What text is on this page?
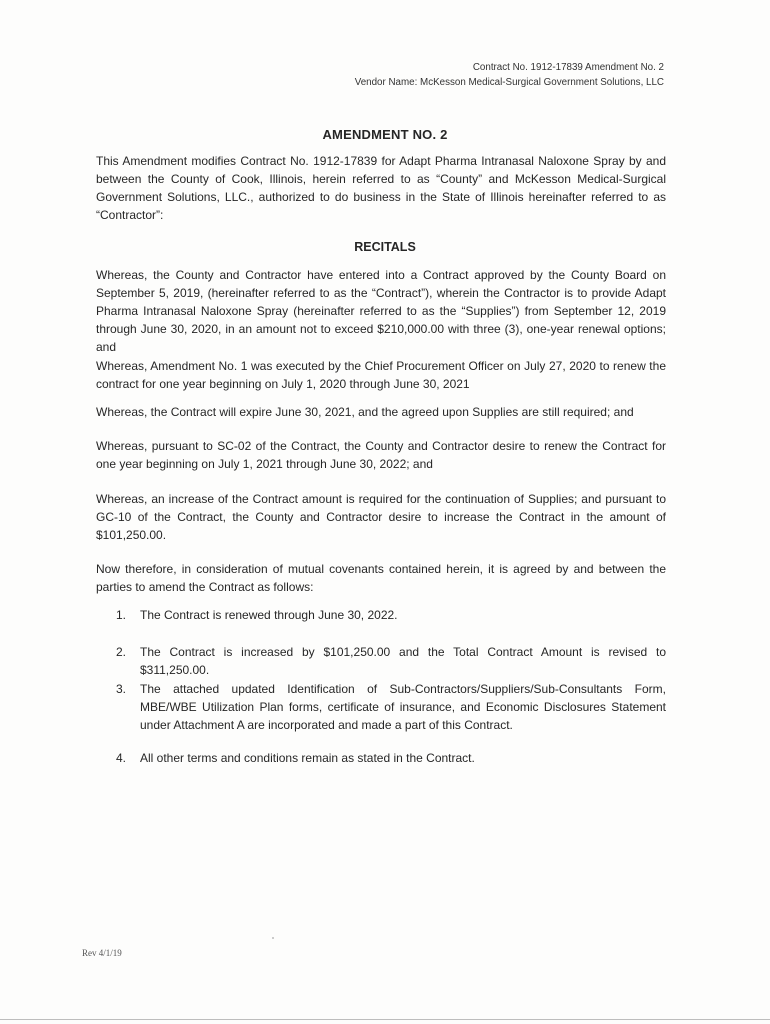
Contract No. 1912-17839 Amendment No. 2
Vendor Name: McKesson Medical-Surgical Government Solutions, LLC
AMENDMENT NO. 2

This Amendment modifies Contract No. 1912-17839 for Adapt Pharma Intranasal Naloxone Spray by and between the County of Cook, Illinois, herein referred to as “County” and McKesson Medical-Surgical Government Solutions, LLC., authorized to do business in the State of Illinois hereinafter referred to as “Contractor”:

RECITALS

Whereas, the County and Contractor have entered into a Contract approved by the County Board on September 5, 2019, (hereinafter referred to as the “Contract”), wherein the Contractor is to provide Adapt Pharma Intranasal Naloxone Spray (hereinafter referred to as the “Supplies”) from September 12, 2019 through June 30, 2020, in an amount not to exceed $210,000.00 with three (3), one-year renewal options; and

Whereas, Amendment No. 1 was executed by the Chief Procurement Officer on July 27, 2020 to renew the contract for one year beginning on July 1, 2020 through June 30, 2021

Whereas, the Contract will expire June 30, 2021, and the agreed upon Supplies are still required; and

Whereas, pursuant to SC-02 of the Contract, the County and Contractor desire to renew the Contract for one year beginning on July 1, 2021 through June 30, 2022; and

Whereas, an increase of the Contract amount is required for the continuation of Supplies; and pursuant to GC-10 of the Contract, the County and Contractor desire to increase the Contract in the amount of $101,250.00.

Now therefore, in consideration of mutual covenants contained herein, it is agreed by and between the parties to amend the Contract as follows:

1.	The Contract is renewed through June 30, 2022.
2.	The Contract is increased by $101,250.00 and the Total Contract Amount is revised to $311,250.00.
3.	The attached updated Identification of Sub-Contractors/Suppliers/Sub-Consultants Form, MBE/WBE Utilization Plan forms, certificate of insurance, and Economic Disclosures Statement under Attachment A are incorporated and made a part of this Contract.
4.	All other terms and conditions remain as stated in the Contract.
Rev 4/1/19
